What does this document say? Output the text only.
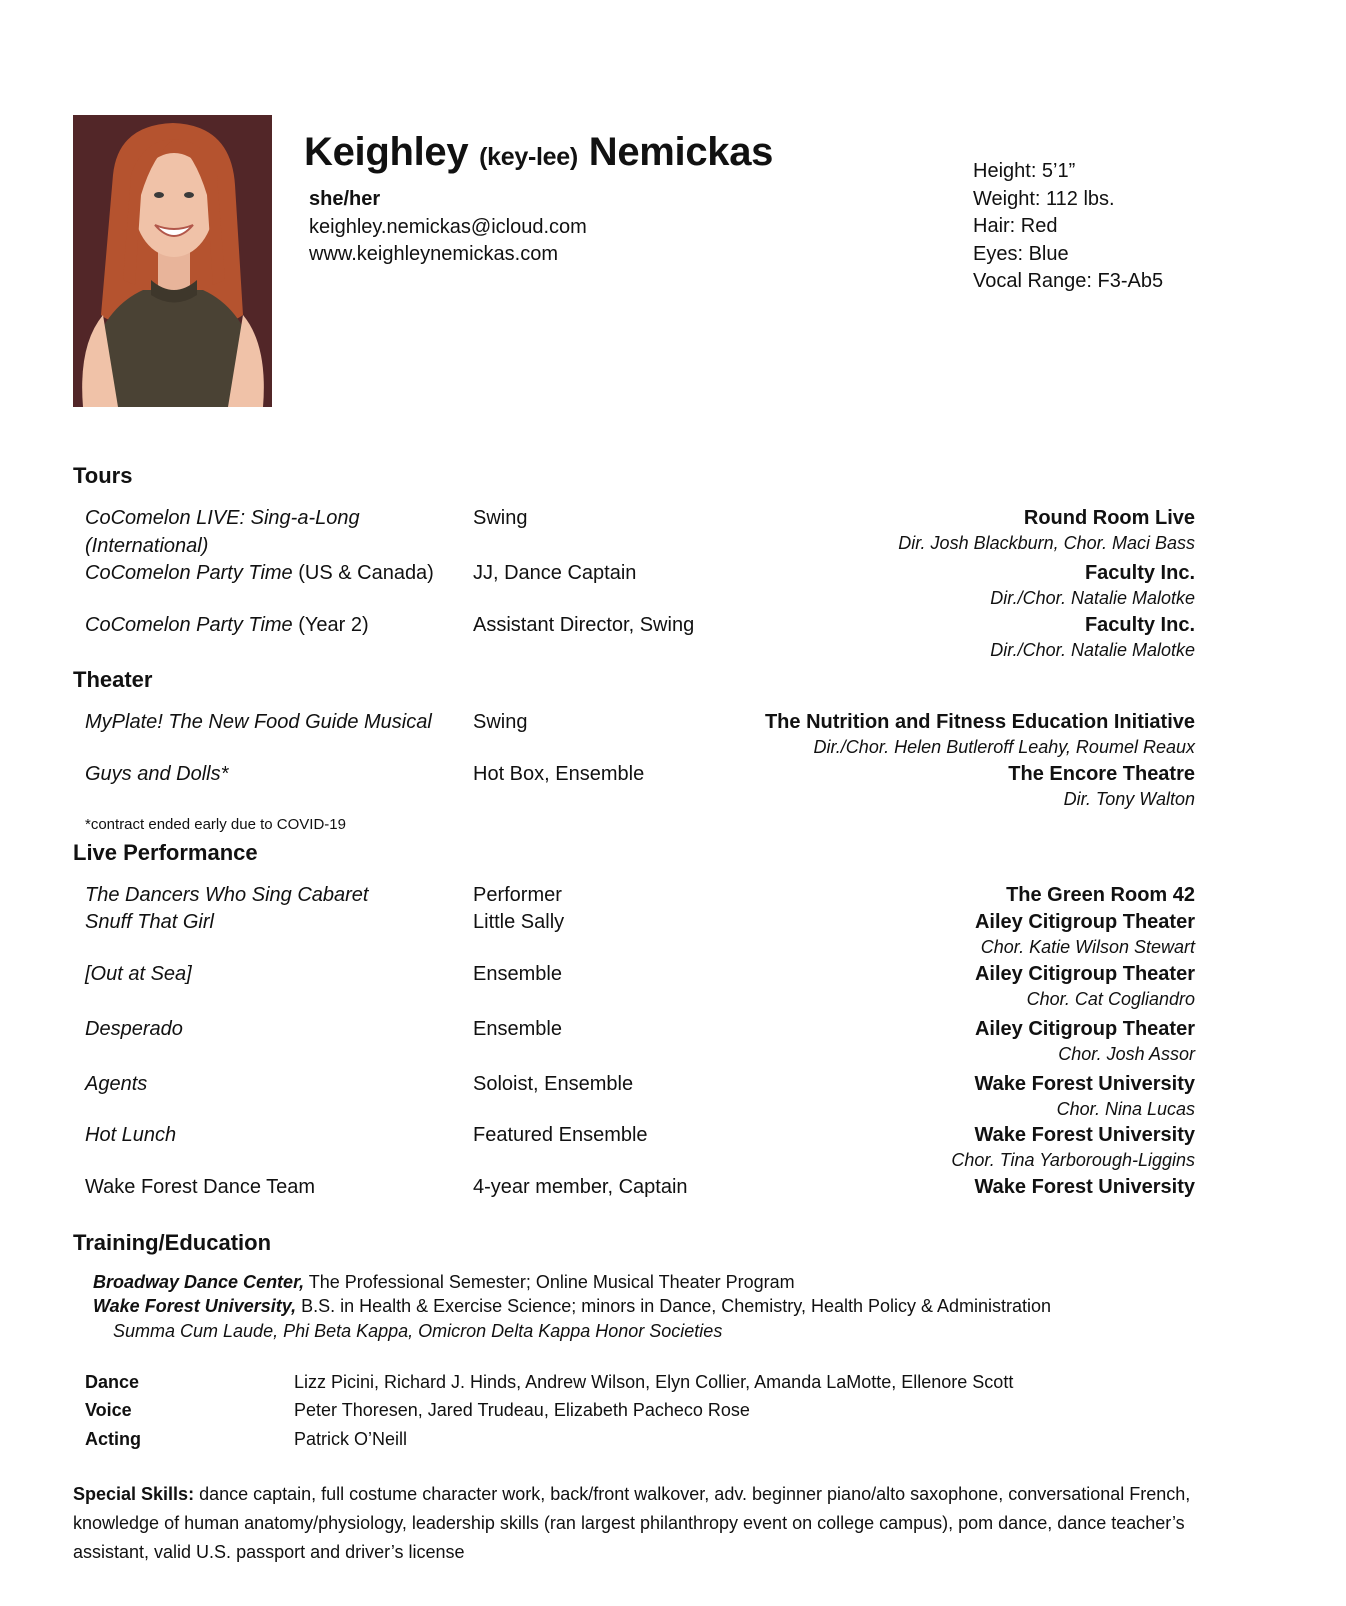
Keighley (key-lee) Nemickas
she/her
keighley.nemickas@icloud.com
www.keighleynemickas.com
Height: 5’1”
Weight: 112 lbs.
Hair: Red
Eyes: Blue
Vocal Range: F3-Ab5
Tours
CoComelon LIVE: Sing-a-Long (International)
Swing	Round Room Live
Dir. Josh Blackburn, Chor. Maci Bass
CoComelon Party Time (US & Canada)	JJ, Dance Captain	Faculty Inc.
Dir./Chor. Natalie Malotke
CoComelon Party Time (Year 2)	Assistant Director, Swing	Faculty Inc.
Dir./Chor. Natalie Malotke
Theater
MyPlate! The New Food Guide Musical	Swing	The Nutrition and Fitness Education Initiative
Dir./Chor. Helen Butleroff Leahy, Roumel Reaux
Guys and Dolls*	Hot Box, Ensemble	The Encore Theatre
Dir. Tony Walton
*contract ended early due to COVID-19
Live Performance
The Dancers Who Sing Cabaret	Performer	The Green Room 42
Snuff That Girl	Little Sally	Ailey Citigroup Theater
Chor. Katie Wilson Stewart
[Out at Sea]	Ensemble	Ailey Citigroup Theater
Chor. Cat Cogliandro
Desperado	Ensemble	Ailey Citigroup Theater
Chor. Josh Assor
Agents	Soloist, Ensemble	Wake Forest University
Chor. Nina Lucas
Hot Lunch	Featured Ensemble	Wake Forest University
Chor. Tina Yarborough-Liggins
Wake Forest Dance Team	4-year member, Captain	Wake Forest University
Training/Education
Broadway Dance Center, The Professional Semester; Online Musical Theater Program
Wake Forest University, B.S. in Health & Exercise Science; minors in Dance, Chemistry, Health Policy & Administration
Summa Cum Laude, Phi Beta Kappa, Omicron Delta Kappa Honor Societies
Dance	Lizz Picini, Richard J. Hinds, Andrew Wilson, Elyn Collier, Amanda LaMotte, Ellenore Scott
Voice	Peter Thoresen, Jared Trudeau, Elizabeth Pacheco Rose
Acting	Patrick O’Neill
Special Skills: dance captain, full costume character work, back/front walkover, adv. beginner piano/alto saxophone, conversational French, knowledge of human anatomy/physiology, leadership skills (ran largest philanthropy event on college campus), pom dance, dance teacher’s assistant, valid U.S. passport and driver’s license
